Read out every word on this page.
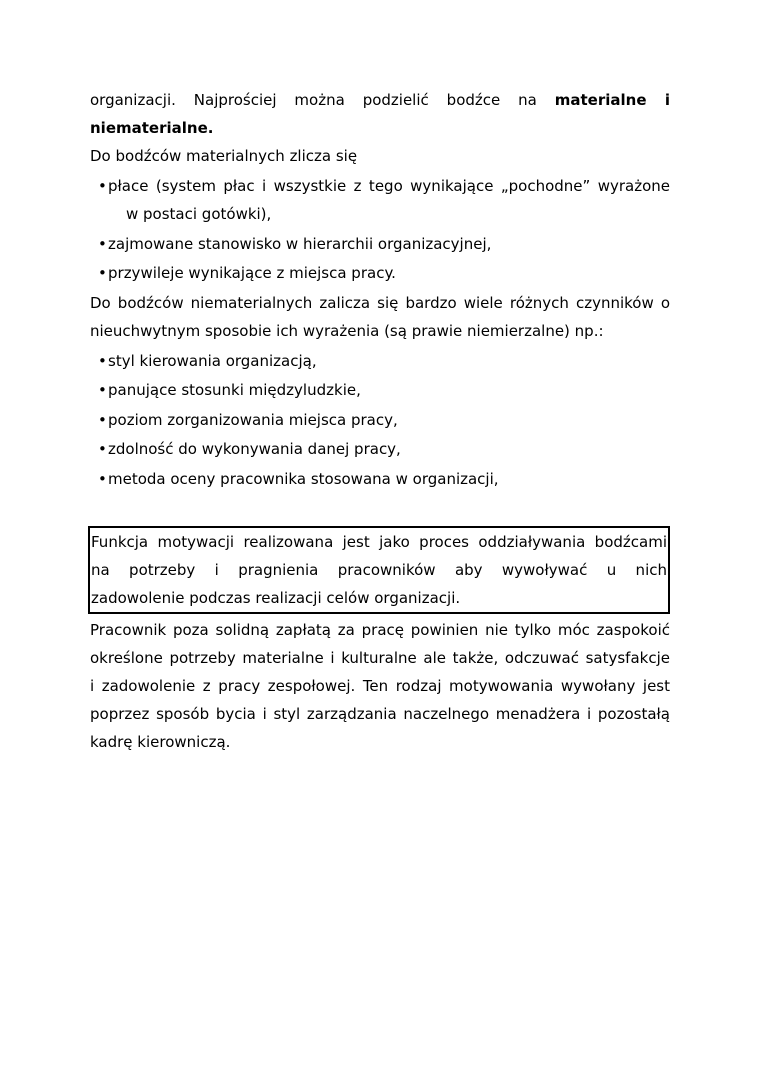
organizacji. Najprościej można podzielić bodźce na materialne i

niematerialne.

Do bodźców materialnych zlicza się

• płace (system płac i wszystkie z tego wynikające „pochodne” wyrażone
w postaci gotówki),
• zajmowane stanowisko w hierarchii organizacyjnej,
• przywileje wynikające z miejsca pracy.

Do bodźców niematerialnych zalicza się bardzo wiele różnych czynników o

nieuchwytnym sposobie ich wyrażenia (są prawie niemierzalne) np.:

• styl kierowania organizacją,
• panujące stosunki międzyludzkie,
• poziom zorganizowania miejsca pracy,
• zdolność do wykonywania danej pracy,
• metoda oceny pracownika stosowana w organizacji,

Funkcja motywacji realizowana jest jako proces oddziaływania bodźcami

na potrzeby i pragnienia pracowników aby wywoływać u nich

zadowolenie podczas realizacji celów organizacji.

Pracownik poza solidną zapłatą za pracę powinien nie tylko móc zaspokoić

określone potrzeby materialne i kulturalne ale także, odczuwać satysfakcje

i zadowolenie z pracy zespołowej. Ten rodzaj motywowania wywołany jest

poprzez sposób bycia i styl zarządzania naczelnego menadżera i pozostałą

kadrę kierowniczą.
